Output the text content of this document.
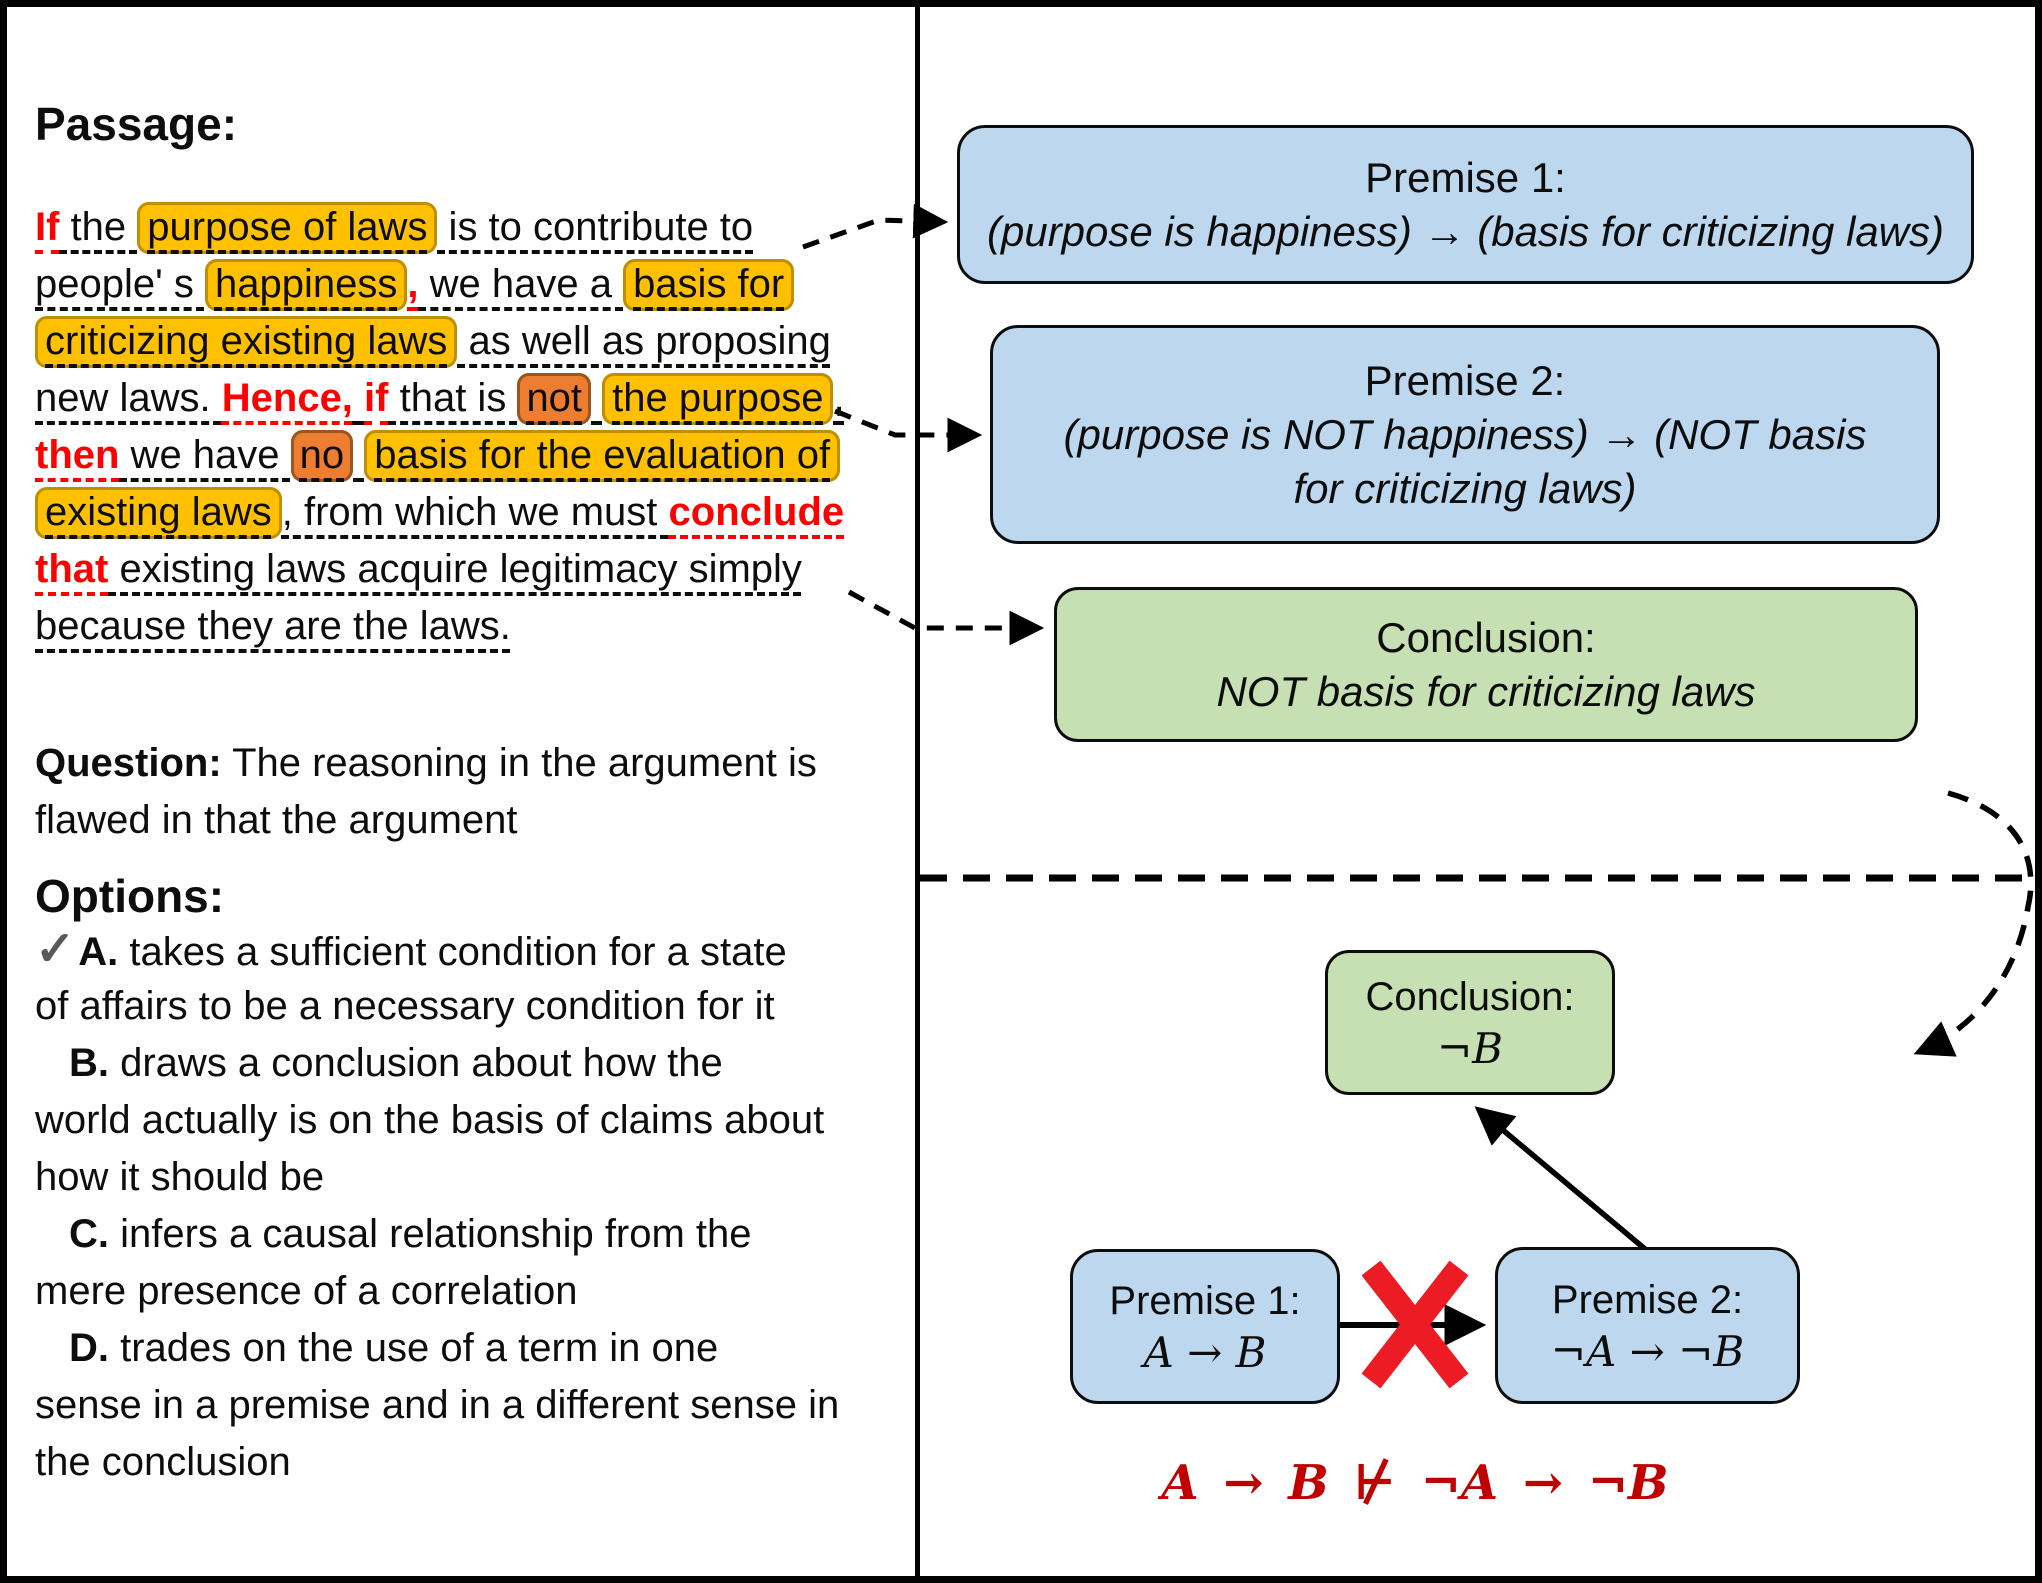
Passage:
If the purpose of laws is to contribute to
people' s happiness , we have a basis for
criticizing existing laws as well as proposing
new laws. Hence, if that is not the purpose ,
then we have no basis for the evaluation of
existing laws , from which we must conclude
that existing laws acquire legitimacy simply
because they are the laws.
Question: The reasoning in the argument is
flawed in that the argument
Options:
✓A. takes a sufficient condition for a state
of affairs to be a necessary condition for it
B. draws a conclusion about how the
world actually is on the basis of claims about
how it should be
C. infers a causal relationship from the
mere presence of a correlation
D. trades on the use of a term in one
sense in a premise and in a different sense in
the conclusion
Premise 1:
(purpose is happiness) → (basis for criticizing laws)
Premise 2:
(purpose is NOT happiness) → (NOT basis
for criticizing laws)
Conclusion:
NOT basis for criticizing laws
Conclusion:
¬B
Premise 1:
A → B
Premise 2:
¬A → ¬B
A → B ⊬ ¬A → ¬B
